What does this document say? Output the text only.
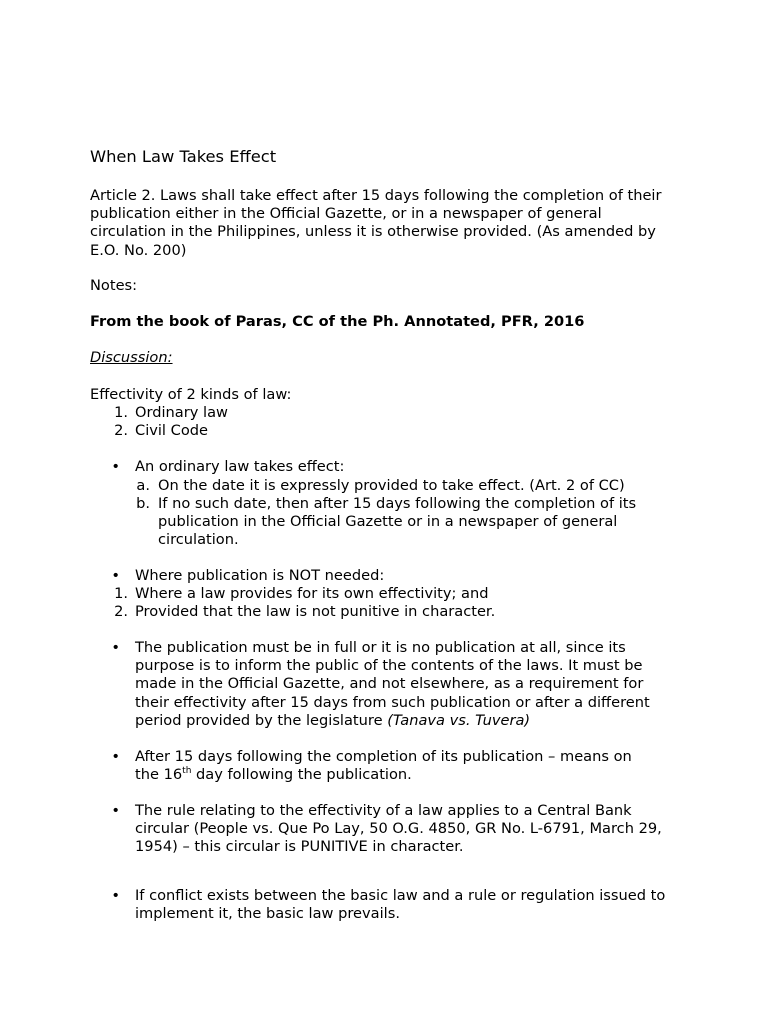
When Law Takes Effect
Article 2. Laws shall take effect after 15 days following the completion of their publication either in the Official Gazette, or in a newspaper of general circulation in the Philippines, unless it is otherwise provided. (As amended by E.O. No. 200)
Notes:
From the book of Paras, CC of the Ph. Annotated, PFR, 2016
Discussion:
Effectivity of 2 kinds of law:
1. Ordinary law
2. Civil Code
• An ordinary law takes effect:
a. On the date it is expressly provided to take effect. (Art. 2 of CC)
b. If no such date, then after 15 days following the completion of its publication in the Official Gazette or in a newspaper of general circulation.
• Where publication is NOT needed:
1. Where a law provides for its own effectivity; and
2. Provided that the law is not punitive in character.
• The publication must be in full or it is no publication at all, since its purpose is to inform the public of the contents of the laws. It must be made in the Official Gazette, and not elsewhere, as a requirement for their effectivity after 15 days from such publication or after a different period provided by the legislature (Tanava vs. Tuvera)
• After 15 days following the completion of its publication – means on the 16th day following the publication.
• The rule relating to the effectivity of a law applies to a Central Bank circular (People vs. Que Po Lay, 50 O.G. 4850, GR No. L-6791, March 29, 1954) – this circular is PUNITIVE in character.
• If conflict exists between the basic law and a rule or regulation issued to implement it, the basic law prevails.
